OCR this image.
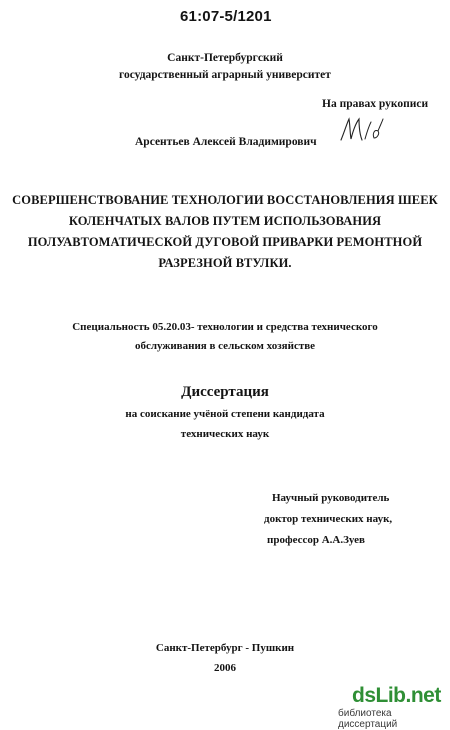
61:07-5/1201
Санкт-Петербургский
государственный аграрный университет
На правах рукописи
Арсентьев Алексей Владимирович
СОВЕРШЕНСТВОВАНИЕ ТЕХНОЛОГИИ ВОССТАНОВЛЕНИЯ ШЕЕК
КОЛЕНЧАТЫХ ВАЛОВ ПУТЕМ ИСПОЛЬЗОВАНИЯ
ПОЛУАВТОМАТИЧЕСКОЙ ДУГОВОЙ ПРИВАРКИ РЕМОНТНОЙ
РАЗРЕЗНОЙ ВТУЛКИ.
Специальность 05.20.03- технологии и средства технического
обслуживания в сельском хозяйстве
Диссертация
на соискание учёной степени кандидата
технических наук
Научный руководитель
доктор технических наук,
профессор А.А.Зуев
Санкт-Петербург - Пушкин
2006
dsLib.net
библиотека диссертаций
